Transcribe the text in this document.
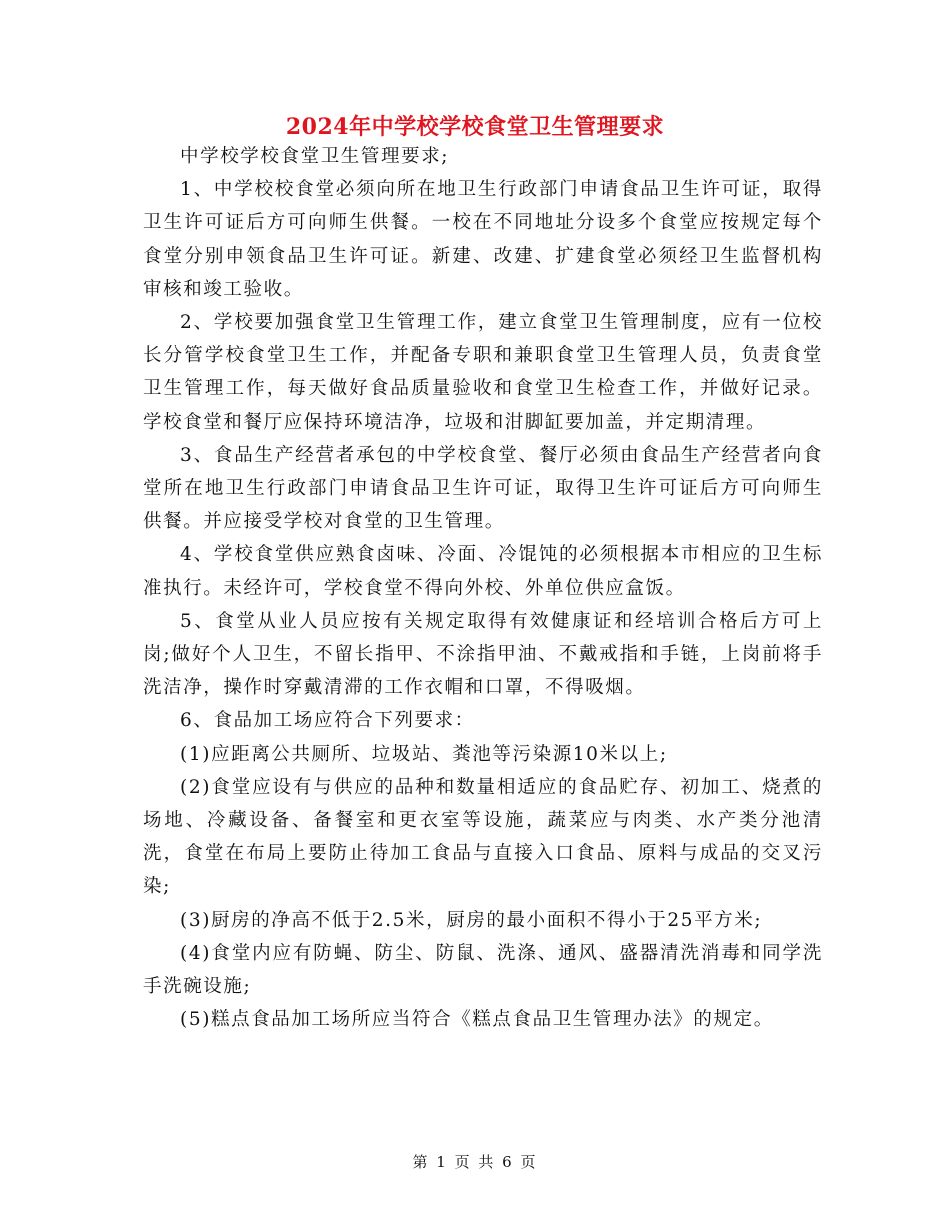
2024年中学校学校食堂卫生管理要求

中学校学校食堂卫生管理要求;

1、中学校校食堂必须向所在地卫生行政部门申请食品卫生许可证，取得卫生许可证后方可向师生供餐。一校在不同地址分设多个食堂应按规定每个食堂分别申领食品卫生许可证。新建、改建、扩建食堂必须经卫生监督机构审核和竣工验收。

2、学校要加强食堂卫生管理工作，建立食堂卫生管理制度，应有一位校长分管学校食堂卫生工作，并配备专职和兼职食堂卫生管理人员，负责食堂卫生管理工作，每天做好食品质量验收和食堂卫生检查工作，并做好记录。学校食堂和餐厅应保持环境洁净，垃圾和泔脚缸要加盖，并定期清理。

3、食品生产经营者承包的中学校食堂、餐厅必须由食品生产经营者向食堂所在地卫生行政部门申请食品卫生许可证，取得卫生许可证后方可向师生供餐。并应接受学校对食堂的卫生管理。

4、学校食堂供应熟食卤味、冷面、冷馄饨的必须根据本市相应的卫生标准执行。未经许可，学校食堂不得向外校、外单位供应盒饭。

5、食堂从业人员应按有关规定取得有效健康证和经培训合格后方可上岗;做好个人卫生，不留长指甲、不涂指甲油、不戴戒指和手链，上岗前将手洗洁净，操作时穿戴清滞的工作衣帽和口罩，不得吸烟。

6、食品加工场应符合下列要求：

(1)应距离公共厕所、垃圾站、粪池等污染源10米以上;

(2)食堂应设有与供应的品种和数量相适应的食品贮存、初加工、烧煮的场地、冷藏设备、备餐室和更衣室等设施，蔬菜应与肉类、水产类分池清洗，食堂在布局上要防止待加工食品与直接入口食品、原料与成品的交叉污染;

(3)厨房的净高不低于2.5米，厨房的最小面积不得小于25平方米;

(4)食堂内应有防蝇、防尘、防鼠、洗涤、通风、盛器清洗消毒和同学洗手洗碗设施;

(5)糕点食品加工场所应当符合《糕点食品卫生管理办法》的规定。

第 1 页 共 6 页
